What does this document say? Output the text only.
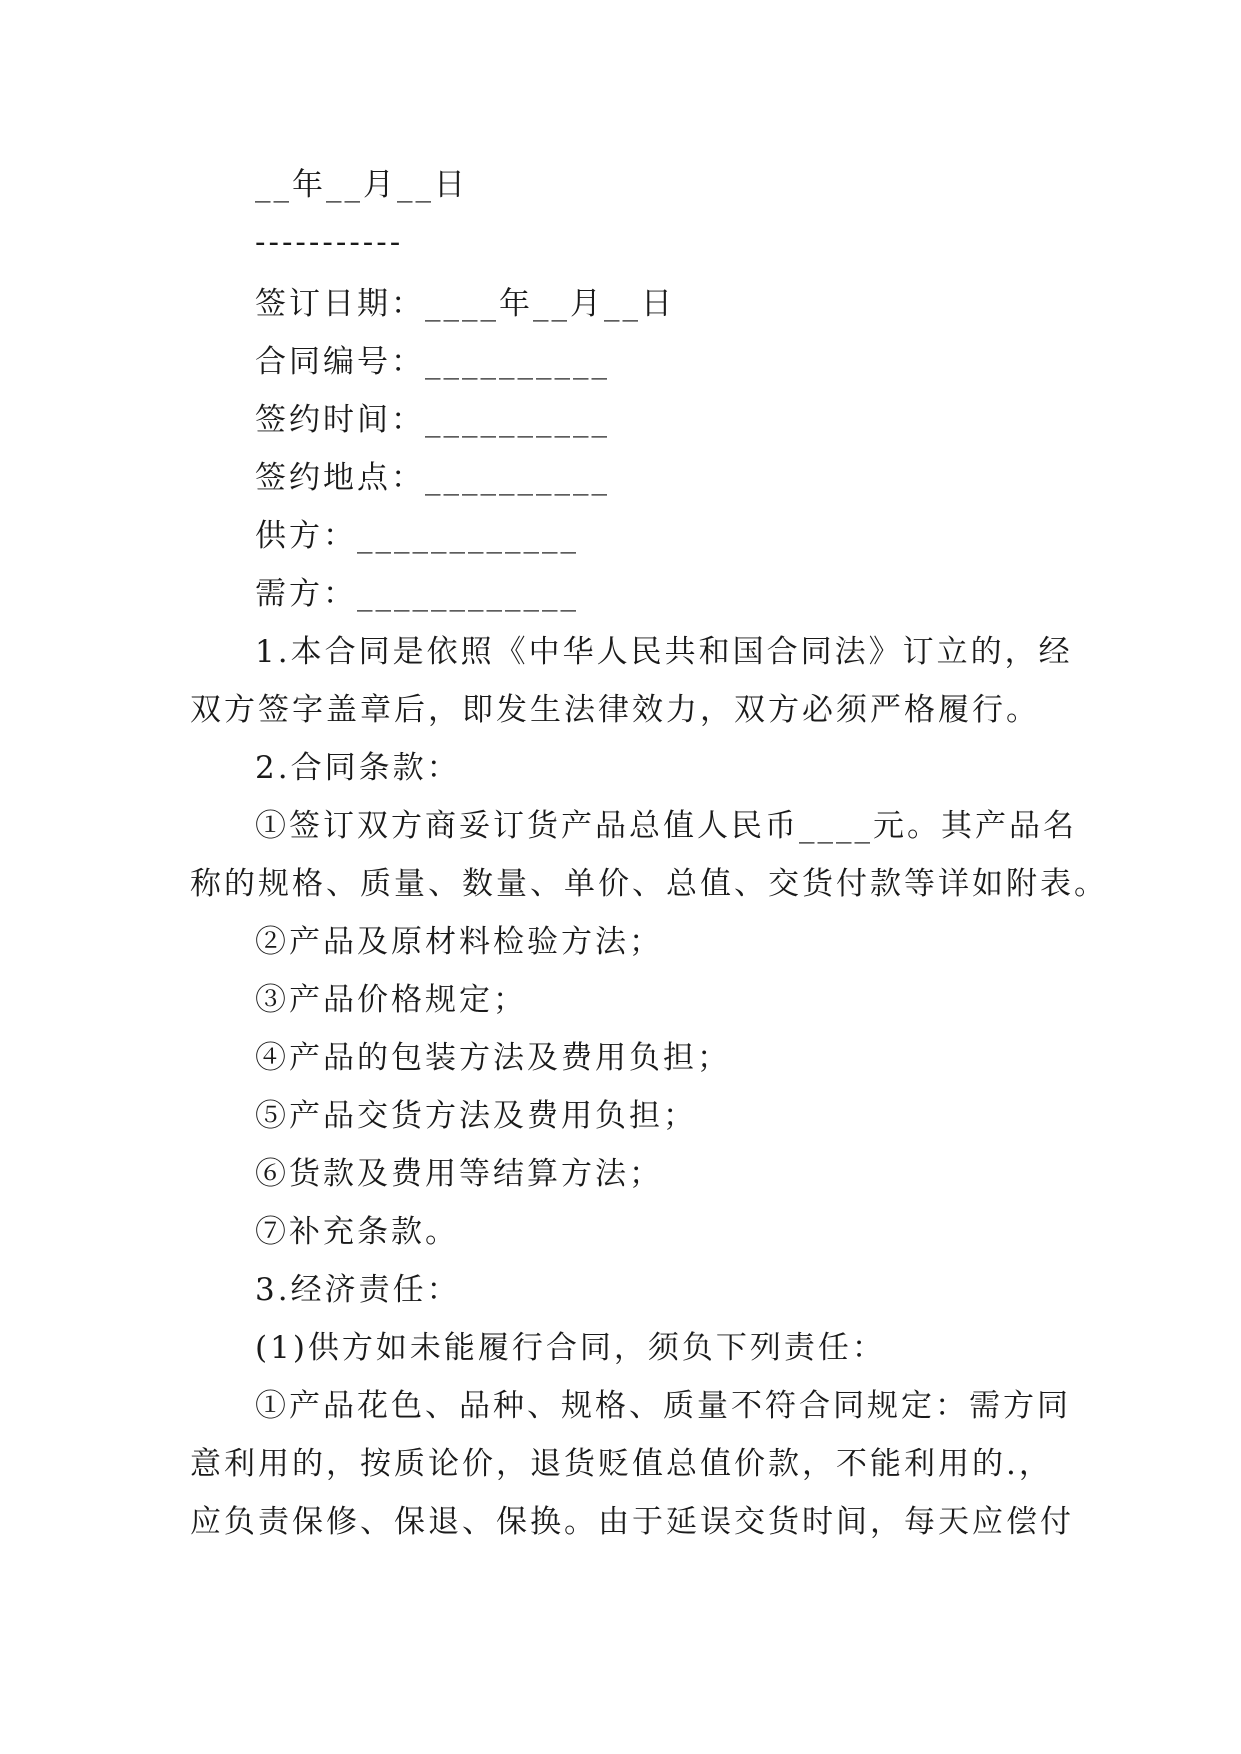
__年__月__日
-----------
签订日期：____年__月__日
合同编号：__________
签约时间：__________
签约地点：__________
供方：____________
需方：____________
1.本合同是依照《中华人民共和国合同法》订立的，经
双方签字盖章后，即发生法律效力，双方必须严格履行。
2.合同条款：
①签订双方商妥订货产品总值人民币____元。其产品名
称的规格、质量、数量、单价、总值、交货付款等详如附表。
②产品及原材料检验方法；
③产品价格规定；
④产品的包装方法及费用负担；
⑤产品交货方法及费用负担；
⑥货款及费用等结算方法；
⑦补充条款。
3.经济责任：
(1)供方如未能履行合同，须负下列责任：
①产品花色、品种、规格、质量不符合同规定：需方同
意利用的，按质论价，退货贬值总值价款，不能利用的.，
应负责保修、保退、保换。由于延误交货时间，每天应偿付
